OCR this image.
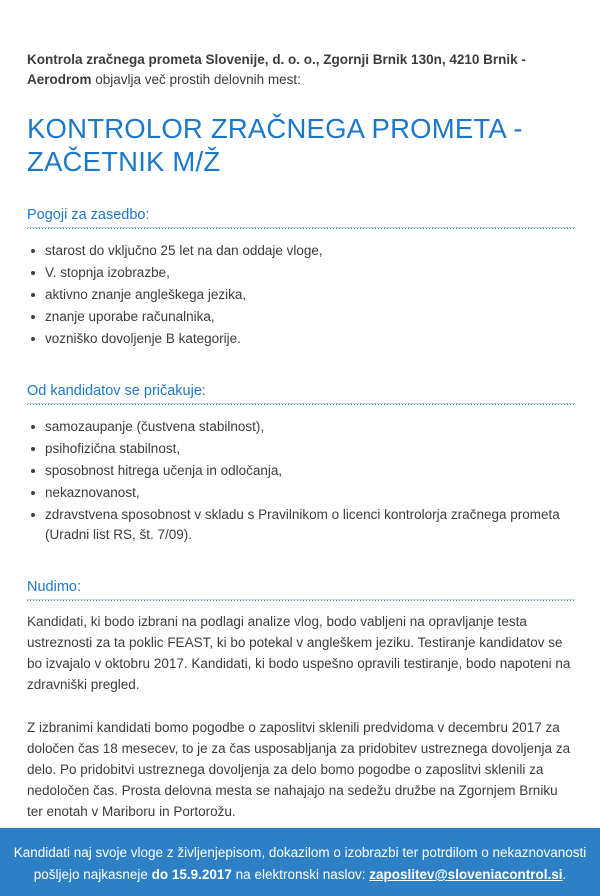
Kontrola zračnega prometa Slovenije, d. o. o., Zgornji Brnik 130n, 4210 Brnik - Aerodrom objavlja več prostih delovnih mest:

KONTROLOR ZRAČNEGA PROMETA - ZAČETNIK M/Ž
Pogoji za zasedbo:
starost do vključno 25 let na dan oddaje vloge,
V. stopnja izobrazbe,
aktivno znanje angleškega jezika,
znanje uporabe računalnika,
vozniško dovoljenje B kategorije.
Od kandidatov se pričakuje:
samozaupanje (čustvena stabilnost),
psihofizična stabilnost,
sposobnost hitrega učenja in odločanja,
nekaznovanost,
zdravstvena sposobnost v skladu s Pravilnikom o licenci kontrolorja zračnega prometa (Uradni list RS, št. 7/09).
Nudimo:

Kandidati, ki bodo izbrani na podlagi analize vlog, bodo vabljeni na opravljanje testa ustreznosti za ta poklic FEAST, ki bo potekal v angleškem jeziku. Testiranje kandidatov se bo izvajalo v oktobru 2017. Kandidati, ki bodo uspešno opravili testiranje, bodo napoteni na zdravniški pregled.

Z izbranimi kandidati bomo pogodbe o zaposlitvi sklenili predvidoma v decembru 2017 za določen čas 18 mesecev, to je za čas usposabljanja za pridobitev ustreznega dovoljenja za delo. Po pridobitvi ustreznega dovoljenja za delo bomo pogodbe o zaposlitvi sklenili za nedoločen čas. Prosta delovna mesta se nahajajo na sedežu družbe na Zgornjem Brniku ter enotah v Mariboru in Portorožu.

Kandidati naj svoje vloge z življenjepisom, dokazilom o izobrazbi ter potrdilom o nekaznovanosti pošljejo najkasneje do 15.9.2017 na elektronski naslov: zaposlitev@sloveniacontrol.si.
